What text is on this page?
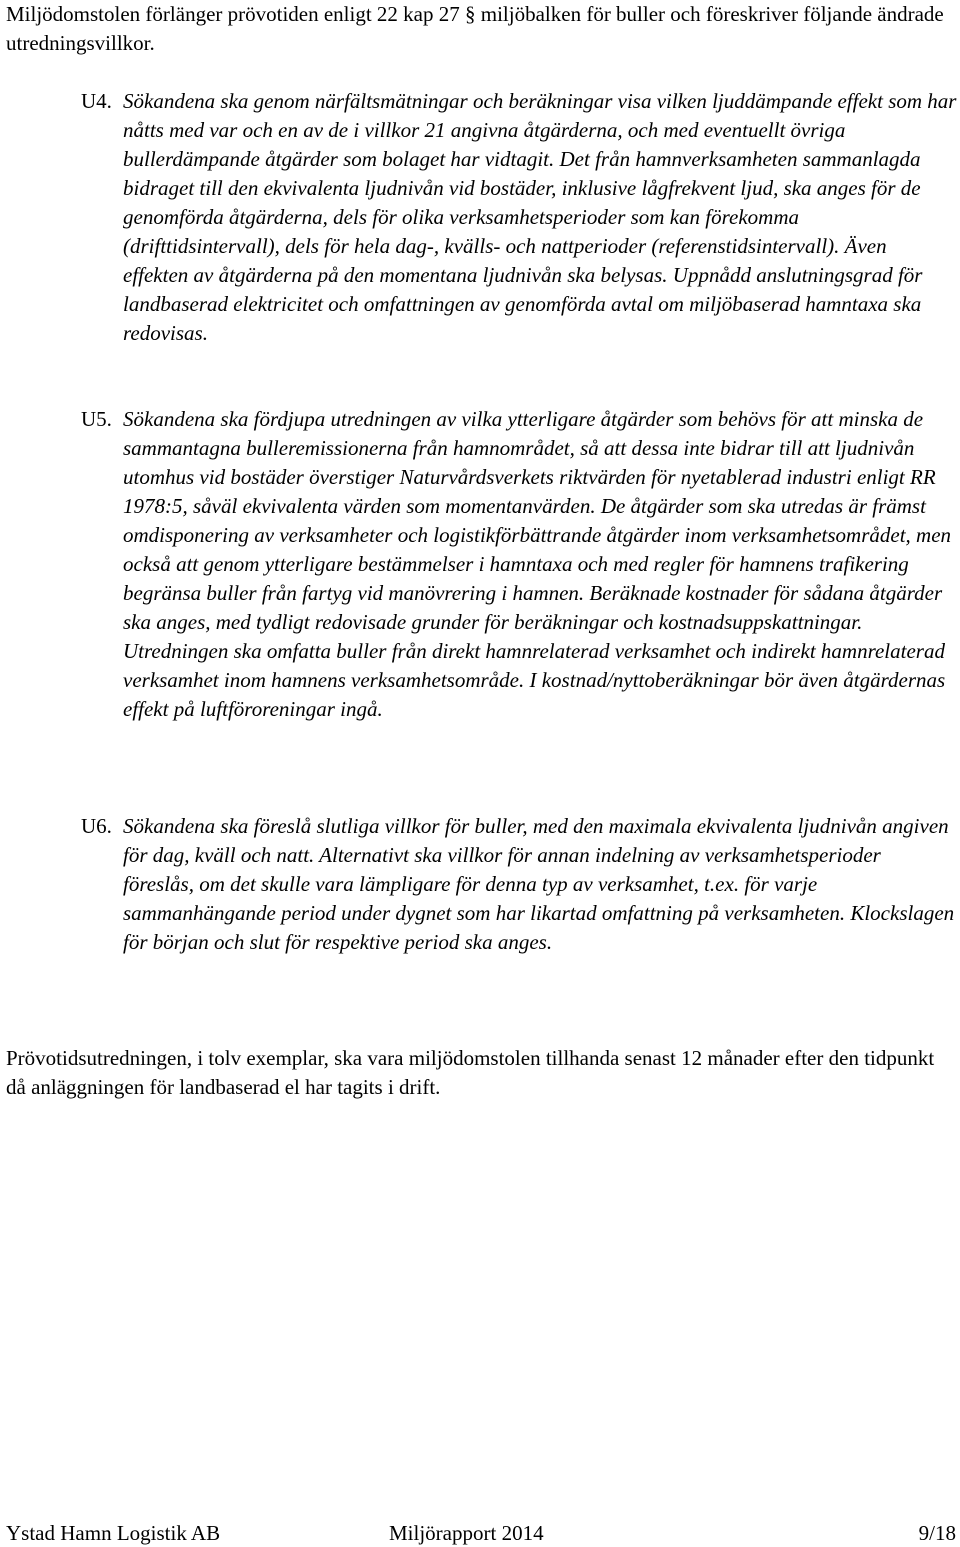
Miljödomstolen förlänger prövotiden enligt 22 kap 27 § miljöbalken för buller och föreskriver följande ändrade utredningsvillkor.

U4. Sökandena ska genom närfältsmätningar och beräkningar visa vilken ljuddämpande effekt som har nåtts med var och en av de i villkor 21 angivna åtgärderna, och med eventuellt övriga bullerdämpande åtgärder som bolaget har vidtagit. Det från hamnverksamheten sammanlagda bidraget till den ekvivalenta ljudnivån vid bostäder, inklusive lågfrekvent ljud, ska anges för de genomförda åtgärderna, dels för olika verksamhetsperioder som kan förekomma (drifttidsintervall), dels för hela dag-, kvälls- och nattperioder (referenstidsintervall). Även effekten av åtgärderna på den momentana ljudnivån ska belysas. Uppnådd anslutningsgrad för landbaserad elektricitet och omfattningen av genomförda avtal om miljöbaserad hamntaxa ska redovisas.

U5. Sökandena ska fördjupa utredningen av vilka ytterligare åtgärder som behövs för att minska de sammantagna bulleremissionerna från hamnområdet, så att dessa inte bidrar till att ljudnivån utomhus vid bostäder överstiger Naturvårdsverkets riktvärden för nyetablerad industri enligt RR 1978:5, såväl ekvivalenta värden som momentanvärden. De åtgärder som ska utredas är främst omdisponering av verksamheter och logistikförbättrande åtgärder inom verksamhetsområdet, men också att genom ytterligare bestämmelser i hamntaxa och med regler för hamnens trafikering begränsa buller från fartyg vid manövrering i hamnen. Beräknade kostnader för sådana åtgärder ska anges, med tydligt redovisade grunder för beräkningar och kostnadsuppskattningar. Utredningen ska omfatta buller från direkt hamnrelaterad verksamhet och indirekt hamnrelaterad verksamhet inom hamnens verksamhetsområde. I kostnad/nyttoberäkningar bör även åtgärdernas effekt på luftföroreningar ingå.

U6. Sökandena ska föreslå slutliga villkor för buller, med den maximala ekvivalenta ljudnivån angiven för dag, kväll och natt. Alternativt ska villkor för annan indelning av verksamhetsperioder föreslås, om det skulle vara lämpligare för denna typ av verksamhet, t.ex. för varje sammanhängande period under dygnet som har likartad omfattning på verksamheten. Klockslagen för början och slut för respektive period ska anges.

Prövotidsutredningen, i tolv exemplar, ska vara miljödomstolen tillhanda senast 12 månader efter den tidpunkt då anläggningen för landbaserad el har tagits i drift.

Ystad Hamn Logistik AB	Miljörapport 2014	9/18
